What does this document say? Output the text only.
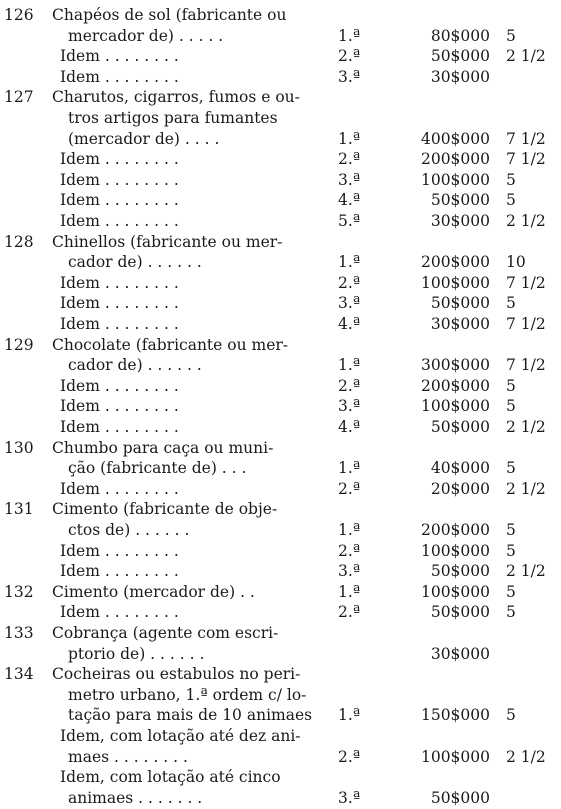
126	Chapéos de sol (fabricante ou
mercador de) . . . . .	1.ª	80$000 5
Idem . . . . . . . .	2.ª	50$000 2 1/2
Idem . . . . . . . .	3.ª	30$000
127	Charutos, cigarros, fumos e ou-
tros artigos para fumantes
(mercador de) . . . .	1.ª	400$000 7 1/2
Idem . . . . . . . .	2.ª	200$000 7 1/2
Idem . . . . . . . .	3.ª	100$000 5
Idem . . . . . . . .	4.ª	50$000 5
Idem . . . . . . . .	5.ª	30$000 2 1/2
128	Chinellos (fabricante ou mer-
cador de) . . . . . .	1.ª	200$000 10
Idem . . . . . . . .	2.ª	100$000 7 1/2
Idem . . . . . . . .	3.ª	50$000 5
Idem . . . . . . . .	4.ª	30$000 7 1/2
129	Chocolate (fabricante ou mer-
cador de) . . . . . .	1.ª	300$000 7 1/2
Idem . . . . . . . .	2.ª	200$000 5
Idem . . . . . . . .	3.ª	100$000 5
Idem . . . . . . . .	4.ª	50$000 2 1/2
130	Chumbo para caça ou muni-
ção (fabricante de) . . .	1.ª	40$000 5
Idem . . . . . . . .	2.ª	20$000 2 1/2
131	Cimento (fabricante de obje-
ctos de) . . . . . .	1.ª	200$000 5
Idem . . . . . . . .	2.ª	100$000 5
Idem . . . . . . . .	3.ª	50$000 2 1/2
132	Cimento (mercador de) . .	1.ª	100$000 5
Idem . . . . . . . .	2.ª	50$000 5
133	Cobrança (agente com escri-
ptorio de) . . . . . .	30$000
134	Cocheiras ou estabulos no peri-
metro urbano, 1.ª ordem c/ lo-
tação para mais de 10 animaes 1.ª	150$000 5
Idem, com lotação até dez ani-
maes . . . . . . . .	2.ª	100$000 2 1/2
Idem, com lotação até cinco
animaes . . . . . . .	3.ª	50$000
